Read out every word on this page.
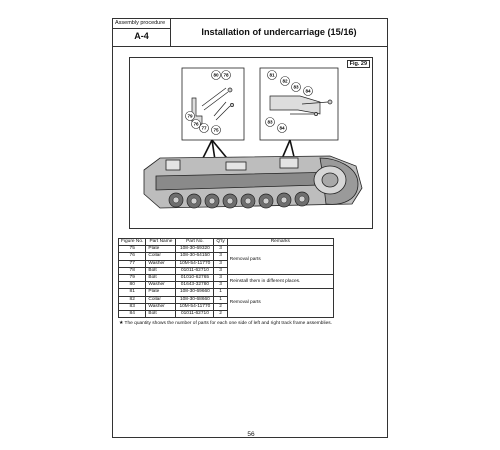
Assembly procedure
A-4	Installation of undercarriage (15/16)
80 78
79
76
77 75
81
82
83
84
83
84
Fig. 29
Figure No.	Part Name	Part No.	Q'ty	Remarks
75	Plate	108-30-69320	3	Removal parts
76	Collar	108-30-64150	3	
77	Washer	10M-54-11770	3	
78	Bolt	01011-62710	3	
79	Bolt	01010-62765	3	Reinstall them in different places.
80	Washer	01643-32780	3	
81	Plate	108-30-69660	1	Removal parts
82	Collar	108-30-68660	1	
83	Washer	10M-54-11770	2	
84	Bolt	01011-62710	2	
★ The quantity shows the number of parts for each one side of left and right track frame assemblies.
56
